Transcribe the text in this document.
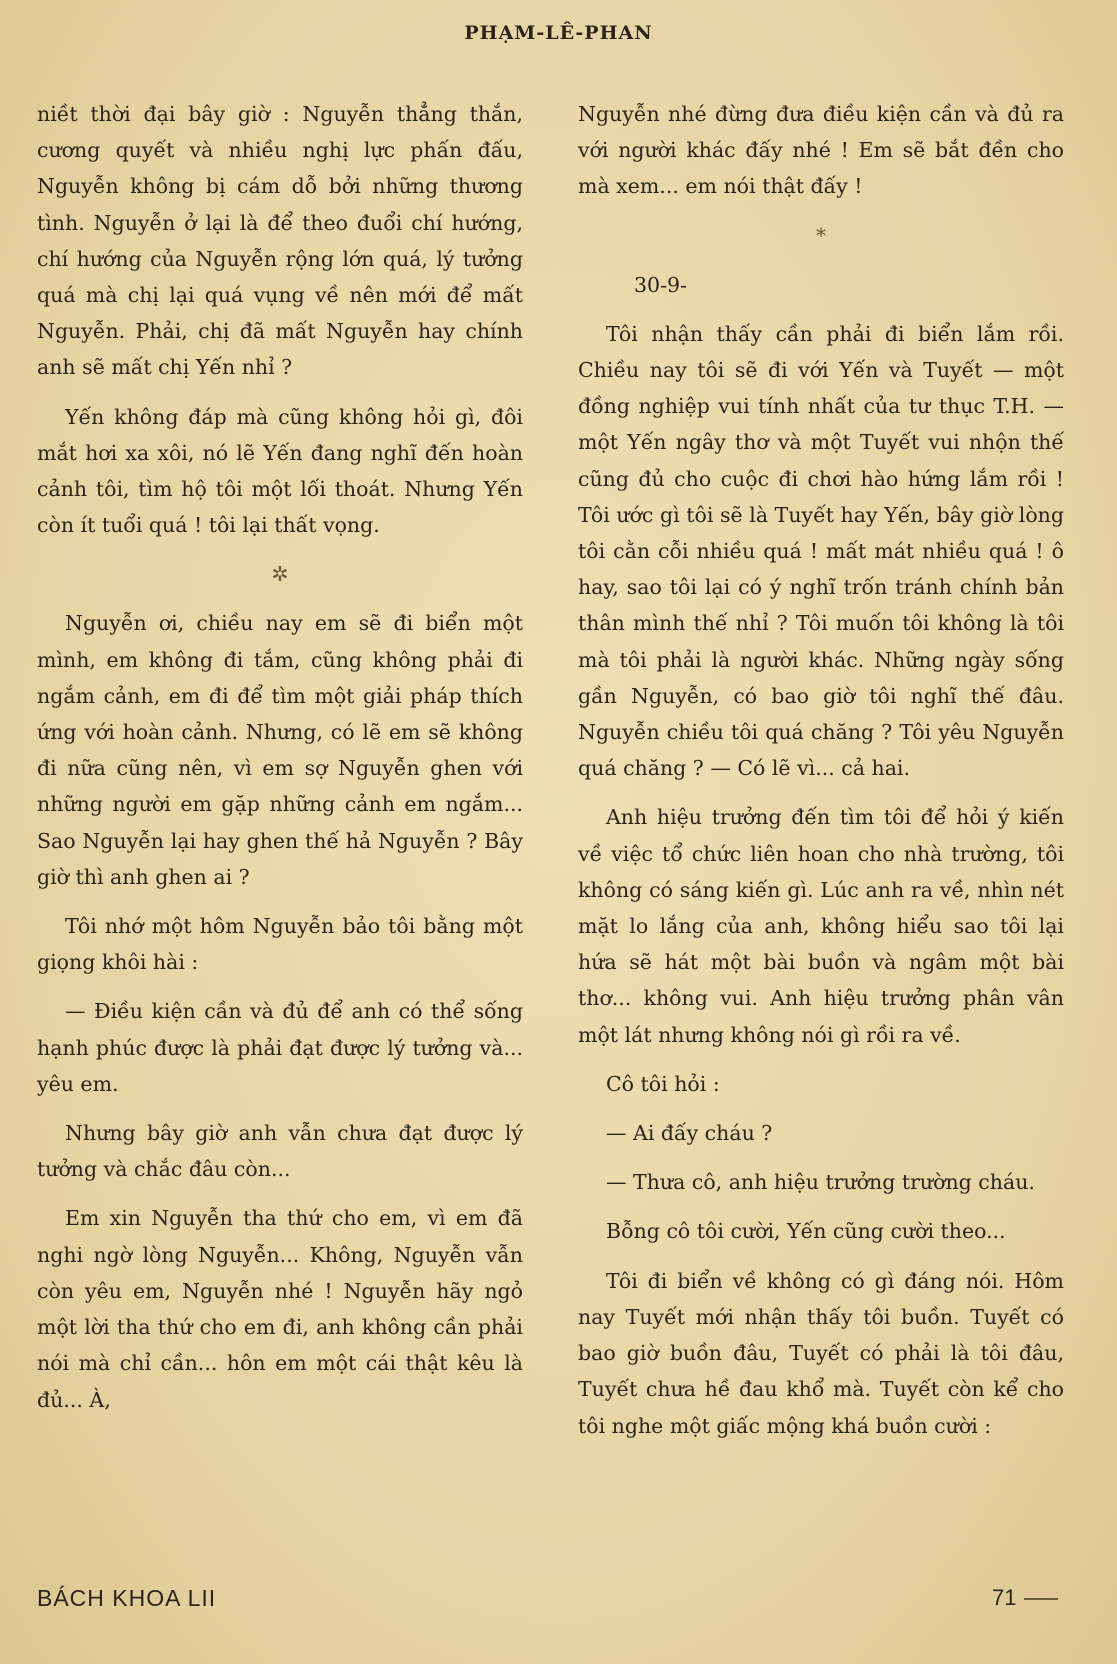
PHẠM-LÊ-PHAN

niềt thời đại bây giờ : Nguyễn thẳng thắn, cương quyết và nhiều nghị lực phấn đấu, Nguyễn không bị cám dỗ bởi những thương tình. Nguyễn ở lại là để theo đuổi chí hướng, chí hướng của Nguyễn rộng lớn quá, lý tưởng quá mà chị lại quá vụng về nên mới để mất Nguyễn. Phải, chị đã mất Nguyễn hay chính anh sẽ mất chị Yến nhỉ ?

Yến không đáp mà cũng không hỏi gì, đôi mắt hơi xa xôi, nó lẽ Yến đang nghĩ đến hoàn cảnh tôi, tìm hộ tôi một lối thoát. Nhưng Yến còn ít tuổi quá ! tôi lại thất vọng.

✲

Nguyễn ơi, chiều nay em sẽ đi biển một mình, em không đi tắm, cũng không phải đi ngắm cảnh, em đi để tìm một giải pháp thích ứng với hoàn cảnh. Nhưng, có lẽ em sẽ không đi nữa cũng nên, vì em sợ Nguyễn ghen với những người em gặp những cảnh em ngắm... Sao Nguyễn lại hay ghen thế hả Nguyễn ? Bây giờ thì anh ghen ai ?

Tôi nhớ một hôm Nguyễn bảo tôi bằng một giọng khôi hài :

— Điều kiện cần và đủ để anh có thể sống hạnh phúc được là phải đạt được lý tưởng và... yêu em.

Nhưng bây giờ anh vẫn chưa đạt được lý tưởng và chắc đâu còn...

Em xin Nguyễn tha thứ cho em, vì em đã nghi ngờ lòng Nguyễn... Không, Nguyễn vẫn còn yêu em, Nguyễn nhé ! Nguyễn hãy ngỏ một lời tha thứ cho em đi, anh không cần phải nói mà chỉ cần... hôn em một cái thật kêu là đủ... À,

Nguyễn nhé đừng đưa điều kiện cần và đủ ra với người khác đấy nhé ! Em sẽ bắt đền cho mà xem... em nói thật đấy !

*

30-9-

Tôi nhận thấy cần phải đi biển lắm rồi. Chiều nay tôi sẽ đi với Yến và Tuyết — một đồng nghiệp vui tính nhất của tư thục T.H. — một Yến ngây thơ và một Tuyết vui nhộn thế cũng đủ cho cuộc đi chơi hào hứng lắm rồi ! Tôi ước gì tôi sẽ là Tuyết hay Yến, bây giờ lòng tôi cằn cỗi nhiều quá ! mất mát nhiều quá ! ô hay, sao tôi lại có ý nghĩ trốn tránh chính bản thân mình thế nhỉ ? Tôi muốn tôi không là tôi mà tôi phải là người khác. Những ngày sống gần Nguyễn, có bao giờ tôi nghĩ thế đâu. Nguyễn chiều tôi quá chăng ? Tôi yêu Nguyễn quá chăng ? — Có lẽ vì... cả hai.

Anh hiệu trưởng đến tìm tôi để hỏi ý kiến về việc tổ chức liên hoan cho nhà trường, tôi không có sáng kiến gì. Lúc anh ra về, nhìn nét mặt lo lắng của anh, không hiểu sao tôi lại hứa sẽ hát một bài buồn và ngâm một bài thơ... không vui. Anh hiệu trưởng phân vân một lát nhưng không nói gì rồi ra về.

Cô tôi hỏi :

— Ai đấy cháu ?

— Thưa cô, anh hiệu trưởng trường cháu.

Bỗng cô tôi cười, Yến cũng cười theo...

Tôi đi biển về không có gì đáng nói. Hôm nay Tuyết mới nhận thấy tôi buồn. Tuyết có bao giờ buồn đâu, Tuyết có phải là tôi đâu, Tuyết chưa hề đau khổ mà. Tuyết còn kể cho tôi nghe một giấc mộng khá buồn cười :

BÁCH KHOA LII	71
